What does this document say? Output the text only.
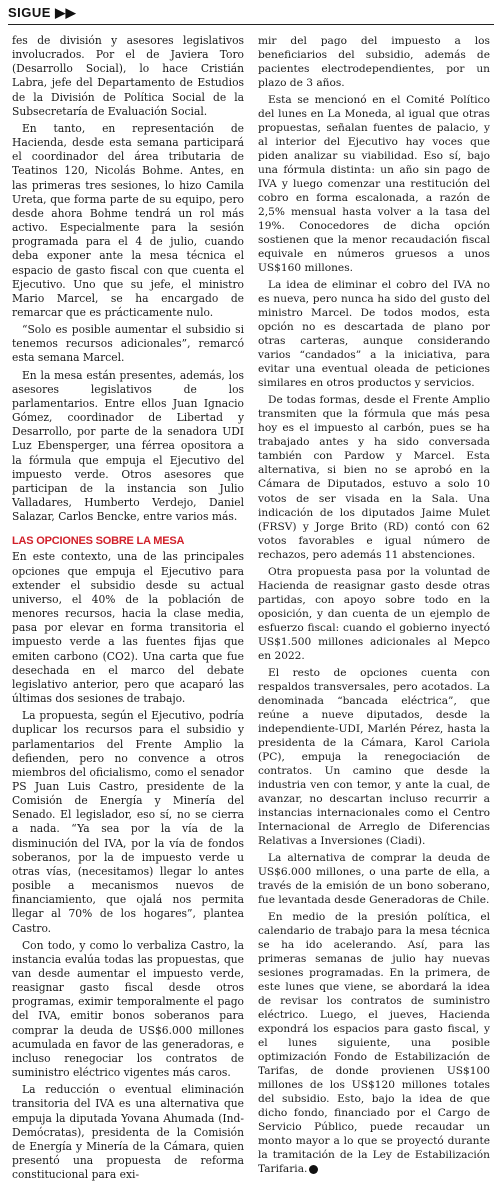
SIGUE ▶▶

fes de división y asesores legislativos involucrados. Por el de Javiera Toro (Desarrollo Social), lo hace Cristián Labra, jefe del Departamento de Estudios de la División de Política Social de la Subsecretaría de Evaluación Social.

En tanto, en representación de Hacienda, desde esta semana participará el coordinador del área tributaria de Teatinos 120, Nicolás Bohme. Antes, en las primeras tres sesiones, lo hizo Camila Ureta, que forma parte de su equipo, pero desde ahora Bohme tendrá un rol más activo. Especialmente para la sesión programada para el 4 de julio, cuando deba exponer ante la mesa técnica el espacio de gasto fiscal con que cuenta el Ejecutivo. Uno que su jefe, el ministro Mario Marcel, se ha encargado de remarcar que es prácticamente nulo.

“Solo es posible aumentar el subsidio si tenemos recursos adicionales”, remarcó esta semana Marcel.

En la mesa están presentes, además, los asesores legislativos de los parlamentarios. Entre ellos Juan Ignacio Gómez, coordinador de Libertad y Desarrollo, por parte de la senadora UDI Luz Ebensperger, una férrea opositora a la fórmula que empuja el Ejecutivo del impuesto verde. Otros asesores que participan de la instancia son Julio Valladares, Humberto Verdejo, Daniel Salazar, Carlos Bencke, entre varios más.

LAS OPCIONES SOBRE LA MESA

En este contexto, una de las principales opciones que empuja el Ejecutivo para extender el subsidio desde su actual universo, el 40% de la población de menores recursos, hacia la clase media, pasa por elevar en forma transitoria el impuesto verde a las fuentes fijas que emiten carbono (CO2). Una carta que fue desechada en el marco del debate legislativo anterior, pero que acaparó las últimas dos sesiones de trabajo.

La propuesta, según el Ejecutivo, podría duplicar los recursos para el subsidio y parlamentarios del Frente Amplio la defienden, pero no convence a otros miembros del oficialismo, como el senador PS Juan Luis Castro, presidente de la Comisión de Energía y Minería del Senado. El legislador, eso sí, no se cierra a nada. “Ya sea por la vía de la disminución del IVA, por la vía de fondos soberanos, por la de impuesto verde u otras vías, (necesitamos) llegar lo antes posible a mecanismos nuevos de financiamiento, que ojalá nos permita llegar al 70% de los hogares”, plantea Castro.

Con todo, y como lo verbaliza Castro, la instancia evalúa todas las propuestas, que van desde aumentar el impuesto verde, reasignar gasto fiscal desde otros programas, eximir temporalmente el pago del IVA, emitir bonos soberanos para comprar la deuda de US$6.000 millones acumulada en favor de las generadoras, e incluso renegociar los contratos de suministro eléctrico vigentes más caros.

La reducción o eventual eliminación transitoria del IVA es una alternativa que empuja la diputada Yovana Ahumada (Ind-Demócratas), presidenta de la Comisión de Energía y Minería de la Cámara, quien presentó una propuesta de reforma constitucional para exi-

mir del pago del impuesto a los beneficiarios del subsidio, además de pacientes electrodependientes, por un plazo de 3 años.

Esta se mencionó en el Comité Político del lunes en La Moneda, al igual que otras propuestas, señalan fuentes de palacio, y al interior del Ejecutivo hay voces que piden analizar su viabilidad. Eso sí, bajo una fórmula distinta: un año sin pago de IVA y luego comenzar una restitución del cobro en forma escalonada, a razón de 2,5% mensual hasta volver a la tasa del 19%. Conocedores de dicha opción sostienen que la menor recaudación fiscal equivale en números gruesos a unos US$160 millones.

La idea de eliminar el cobro del IVA no es nueva, pero nunca ha sido del gusto del ministro Marcel. De todos modos, esta opción no es descartada de plano por otras carteras, aunque considerando varios “candados” a la iniciativa, para evitar una eventual oleada de peticiones similares en otros productos y servicios.

De todas formas, desde el Frente Amplio transmiten que la fórmula que más pesa hoy es el impuesto al carbón, pues se ha trabajado antes y ha sido conversada también con Pardow y Marcel. Esta alternativa, si bien no se aprobó en la Cámara de Diputados, estuvo a solo 10 votos de ser visada en la Sala. Una indicación de los diputados Jaime Mulet (FRSV) y Jorge Brito (RD) contó con 62 votos favorables e igual número de rechazos, pero además 11 abstenciones.

Otra propuesta pasa por la voluntad de Hacienda de reasignar gasto desde otras partidas, con apoyo sobre todo en la oposición, y dan cuenta de un ejemplo de esfuerzo fiscal: cuando el gobierno inyectó US$1.500 millones adicionales al Mepco en 2022.

El resto de opciones cuenta con respaldos transversales, pero acotados. La denominada “bancada eléctrica”, que reúne a nueve diputados, desde la independiente-UDI, Marlén Pérez, hasta la presidenta de la Cámara, Karol Cariola (PC), empuja la renegociación de contratos. Un camino que desde la industria ven con temor, y ante la cual, de avanzar, no descartan incluso recurrir a instancias internacionales como el Centro Internacional de Arreglo de Diferencias Relativas a Inversiones (Ciadi).

La alternativa de comprar la deuda de US$6.000 millones, o una parte de ella, a través de la emisión de un bono soberano, fue levantada desde Generadoras de Chile.

En medio de la presión política, el calendario de trabajo para la mesa técnica se ha ido acelerando. Así, para las primeras semanas de julio hay nuevas sesiones programadas. En la primera, de este lunes que viene, se abordará la idea de revisar los contratos de suministro eléctrico. Luego, el jueves, Hacienda expondrá los espacios para gasto fiscal, y el lunes siguiente, una posible optimización Fondo de Estabilización de Tarifas, de donde provienen US$100 millones de los US$120 millones totales del subsidio. Esto, bajo la idea de que dicho fondo, financiado por el Cargo de Servicio Público, puede recaudar un monto mayor a lo que se proyectó durante la tramitación de la Ley de Estabilización Tarifaria. P
